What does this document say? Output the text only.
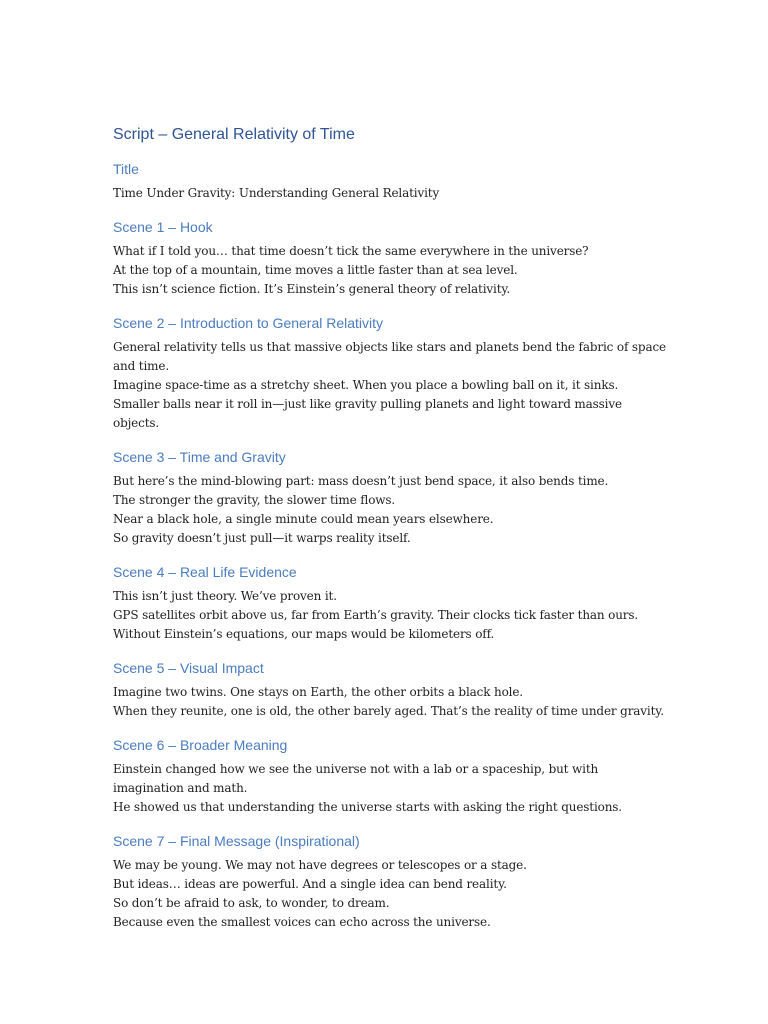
Script – General Relativity of Time
Title

Time Under Gravity: Understanding General Relativity

Scene 1 – Hook

What if I told you… that time doesn’t tick the same everywhere in the universe?

At the top of a mountain, time moves a little faster than at sea level.

This isn’t science fiction. It’s Einstein’s general theory of relativity.

Scene 2 – Introduction to General Relativity

General relativity tells us that massive objects like stars and planets bend the fabric of space

and time.

Imagine space-time as a stretchy sheet. When you place a bowling ball on it, it sinks.

Smaller balls near it roll in—just like gravity pulling planets and light toward massive

objects.

Scene 3 – Time and Gravity

But here’s the mind-blowing part: mass doesn’t just bend space, it also bends time.

The stronger the gravity, the slower time flows.

Near a black hole, a single minute could mean years elsewhere.

So gravity doesn’t just pull—it warps reality itself.

Scene 4 – Real Life Evidence

This isn’t just theory. We’ve proven it.

GPS satellites orbit above us, far from Earth’s gravity. Their clocks tick faster than ours.

Without Einstein’s equations, our maps would be kilometers off.

Scene 5 – Visual Impact

Imagine two twins. One stays on Earth, the other orbits a black hole.

When they reunite, one is old, the other barely aged. That’s the reality of time under gravity.

Scene 6 – Broader Meaning

Einstein changed how we see the universe not with a lab or a spaceship, but with

imagination and math.

He showed us that understanding the universe starts with asking the right questions.

Scene 7 – Final Message (Inspirational)

We may be young. We may not have degrees or telescopes or a stage.

But ideas… ideas are powerful. And a single idea can bend reality.

So don’t be afraid to ask, to wonder, to dream.

Because even the smallest voices can echo across the universe.
